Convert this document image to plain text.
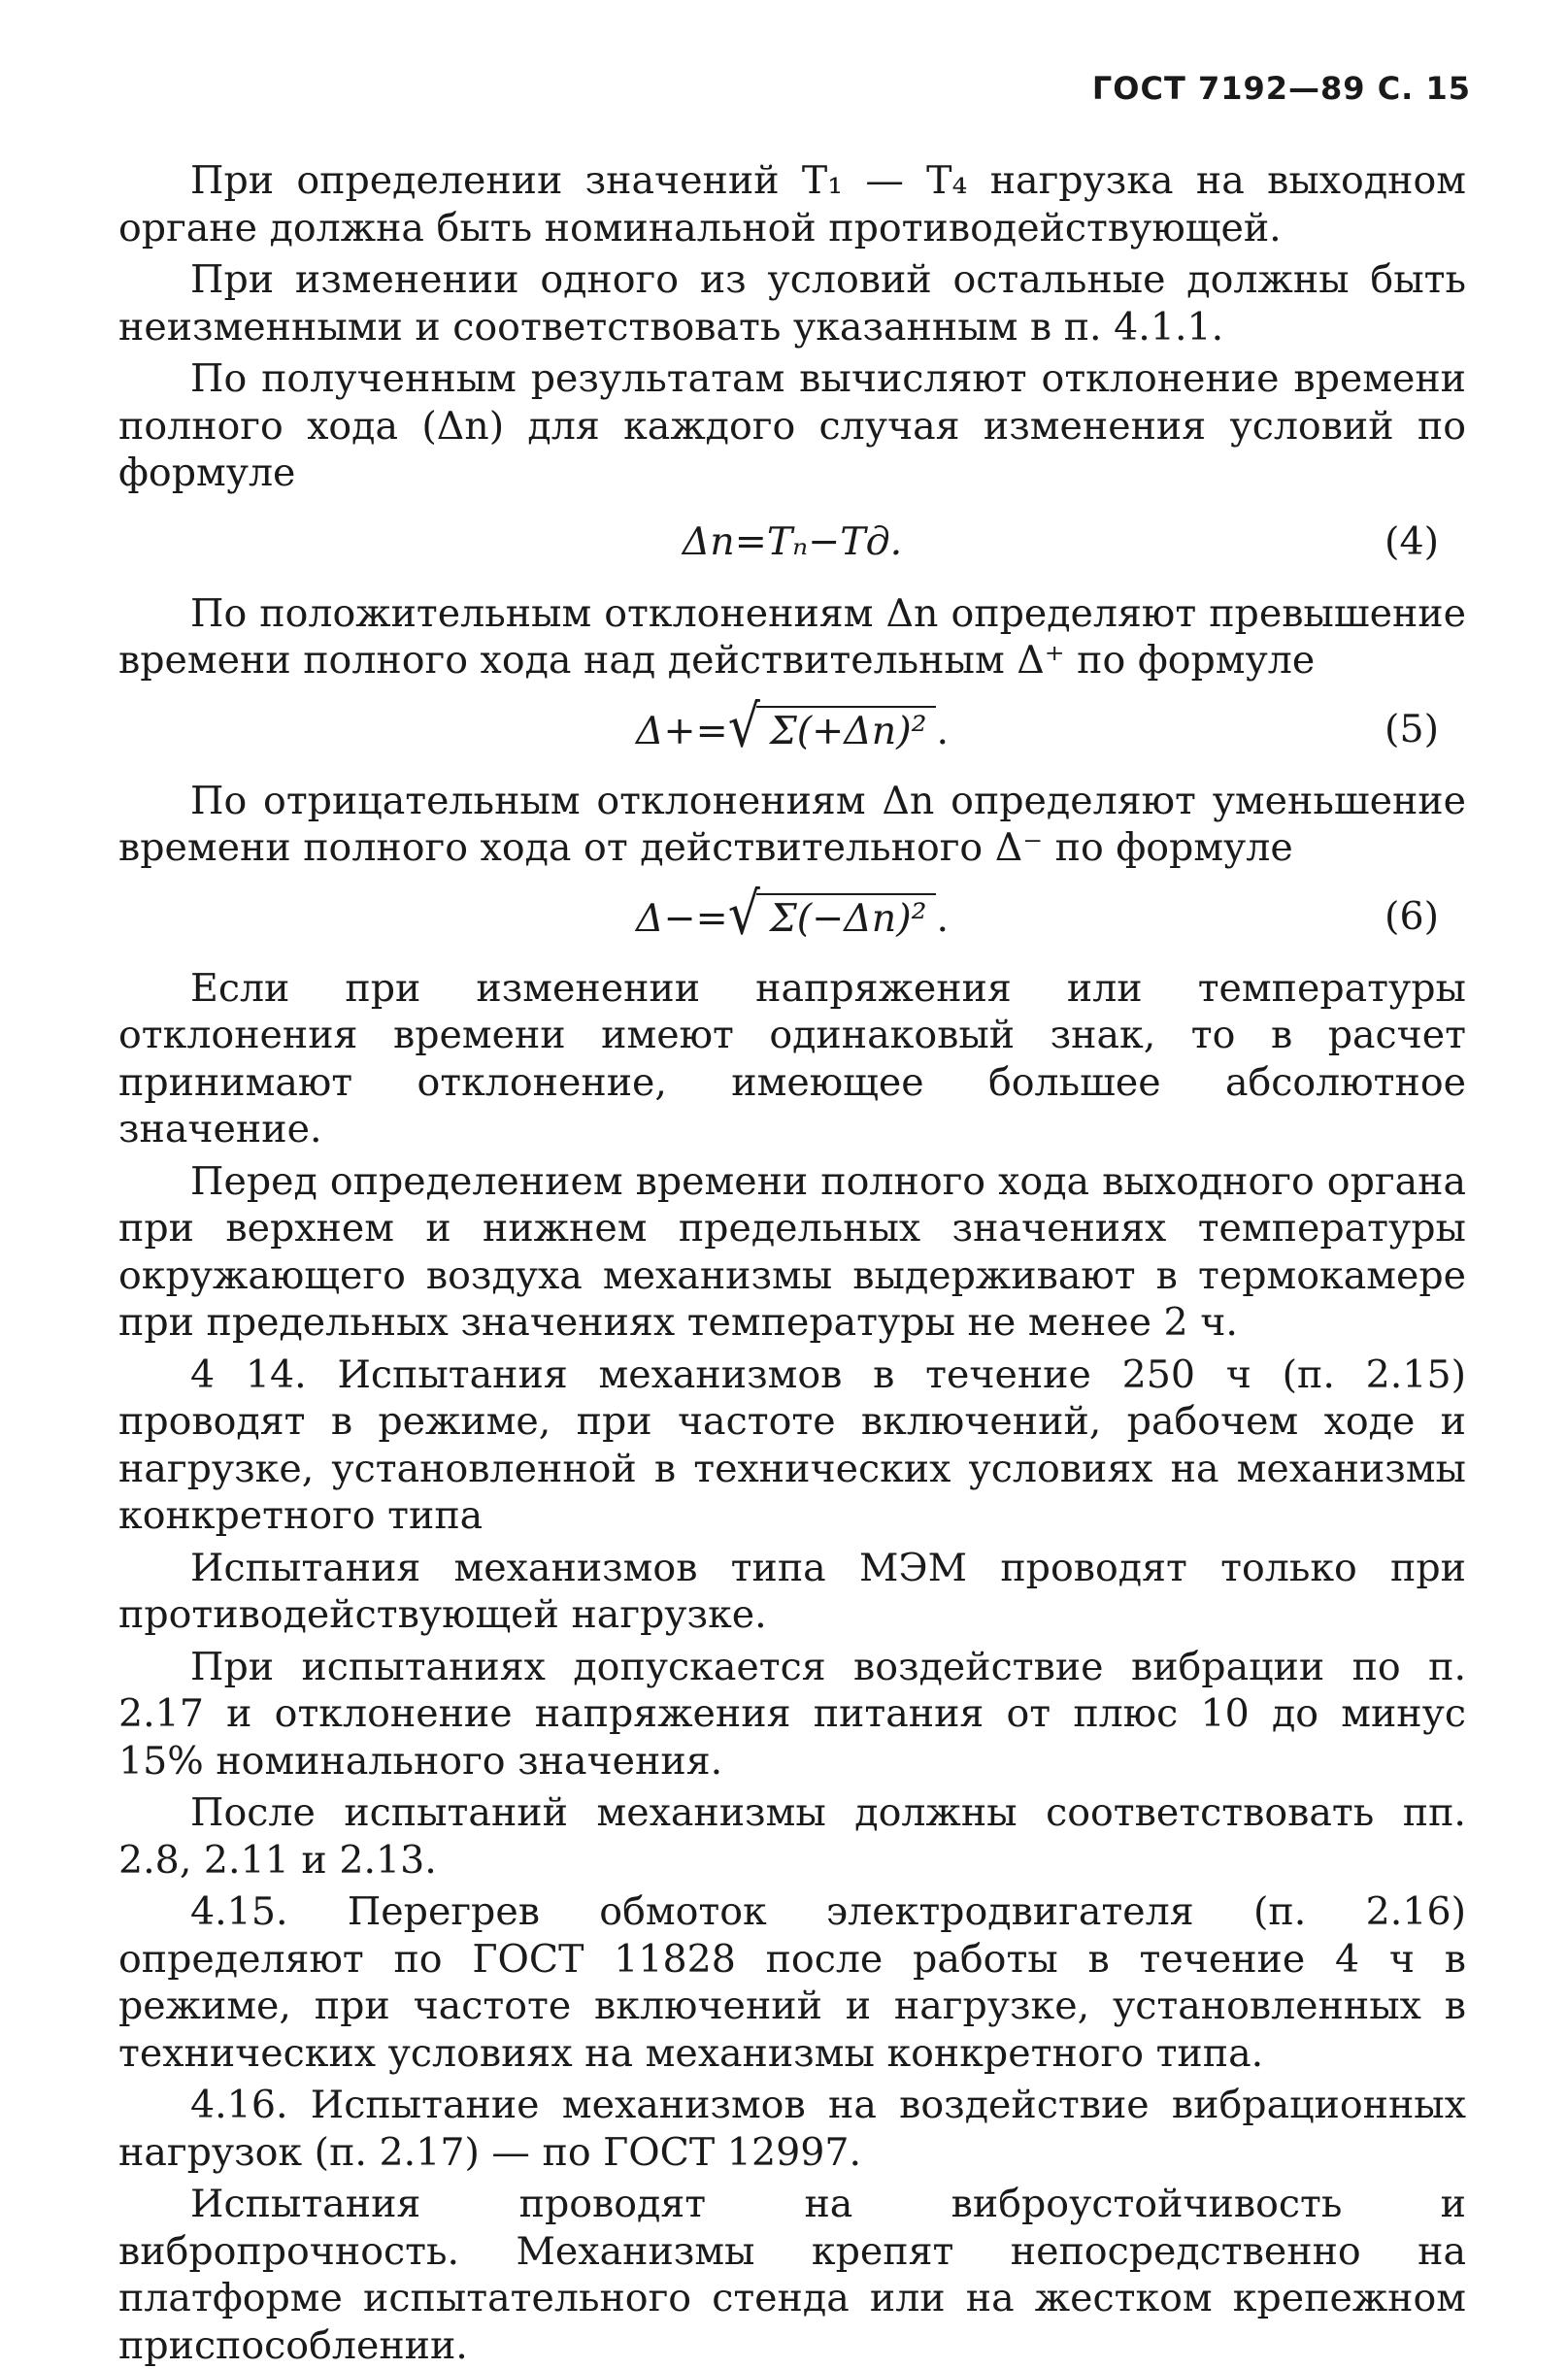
ГОСТ 7192—89 С. 15

При определении значений T₁ — T₄ нагрузка на выходном органе должна быть номинальной противодействующей.

При изменении одного из условий остальные должны быть неизменными и соответствовать указанным в п. 4.1.1.

По полученным результатам вычисляют отклонение времени полного хода (Δn) для каждого случая изменения условий по формуле

Δn=Tₙ−Tд.	(4)

По положительным отклонениям Δn определяют превышение времени полного хода над действительным Δ⁺ по формуле

Δ+=√ Σ(+Δn)² .	(5)

По отрицательным отклонениям Δn определяют уменьшение времени полного хода от действительного Δ⁻ по формуле

Δ−=√ Σ(−Δn)² .	(6)

Если при изменении напряжения или температуры отклонения времени имеют одинаковый знак, то в расчет принимают отклонение, имеющее большее абсолютное значение.

Перед определением времени полного хода выходного органа при верхнем и нижнем предельных значениях температуры окружающего воздуха механизмы выдерживают в термокамере при предельных значениях температуры не менее 2 ч.

4 14. Испытания механизмов в течение 250 ч (п. 2.15) проводят в режиме, при частоте включений, рабочем ходе и нагрузке, установленной в технических условиях на механизмы конкретного типа

Испытания механизмов типа МЭМ проводят только при противодействующей нагрузке.

При испытаниях допускается воздействие вибрации по п. 2.17 и отклонение напряжения питания от плюс 10 до минус 15% номинального значения.

После испытаний механизмы должны соответствовать пп. 2.8, 2.11 и 2.13.

4.15. Перегрев обмоток электродвигателя (п. 2.16) определяют по ГОСТ 11828 после работы в течение 4 ч в режиме, при частоте включений и нагрузке, установленных в технических условиях на механизмы конкретного типа.

4.16. Испытание механизмов на воздействие вибрационных нагрузок (п. 2.17) — по ГОСТ 12997.

Испытания проводят на виброустойчивость и вибропрочность. Механизмы крепят непосредственно на платформе испытательного стенда или на жестком крепежном приспособлении.
